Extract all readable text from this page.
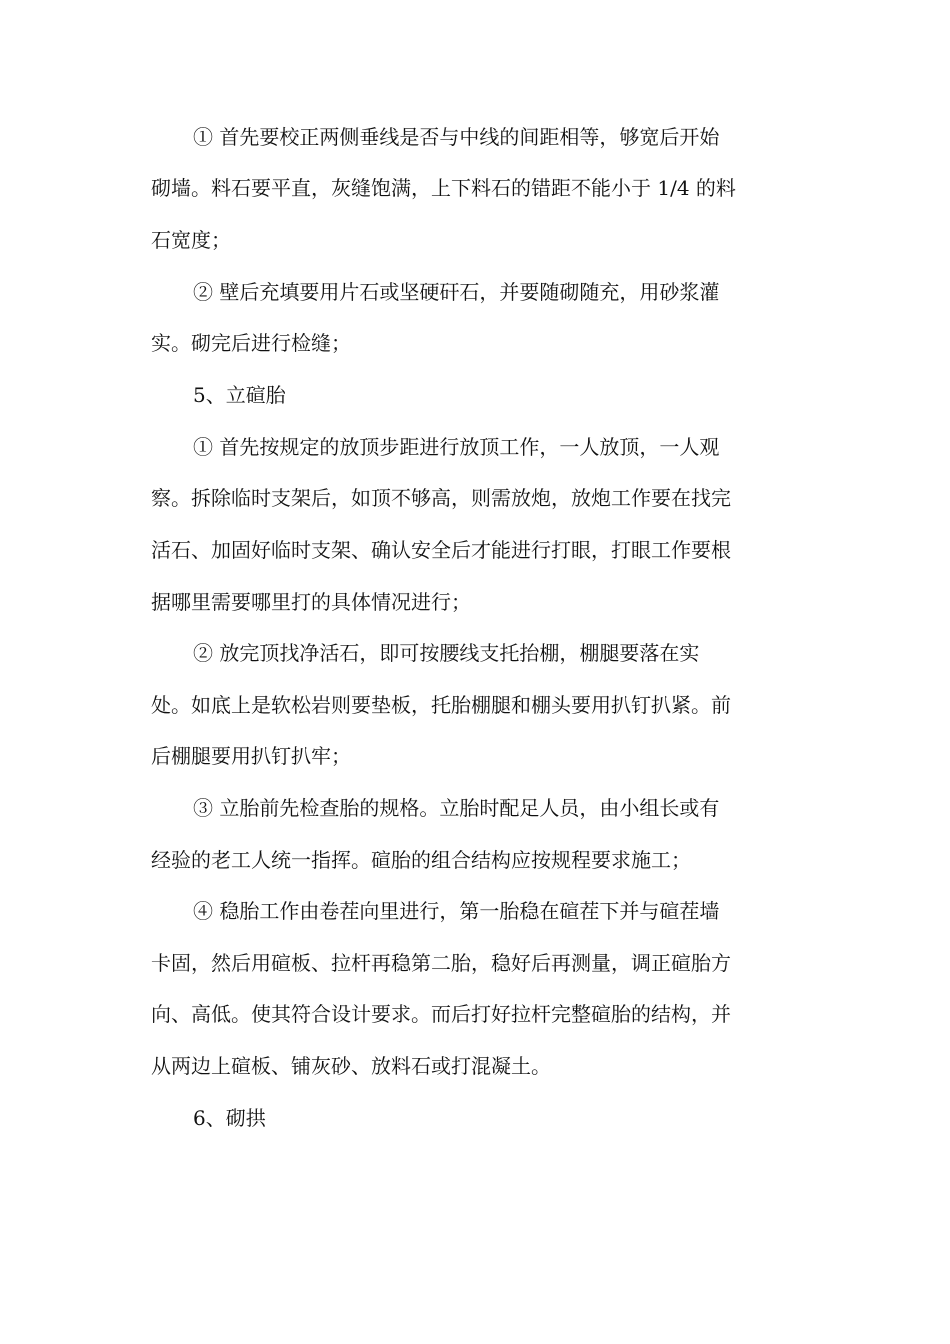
① 首先要校正两侧垂线是否与中线的间距相等，够宽后开始
砌墙。料石要平直，灰缝饱满，上下料石的错距不能小于 1/4 的料
石宽度；
② 壁后充填要用片石或坚硬矸石，并要随砌随充，用砂浆灌
实。砌完后进行检缝；
5、立碹胎
① 首先按规定的放顶步距进行放顶工作，一人放顶，一人观
察。拆除临时支架后，如顶不够高，则需放炮，放炮工作要在找完
活石、加固好临时支架、确认安全后才能进行打眼，打眼工作要根
据哪里需要哪里打的具体情况进行；
② 放完顶找净活石，即可按腰线支托抬棚，棚腿要落在实
处。如底上是软松岩则要垫板，托胎棚腿和棚头要用扒钉扒紧。前
后棚腿要用扒钉扒牢；
③ 立胎前先检查胎的规格。立胎时配足人员，由小组长或有
经验的老工人统一指挥。碹胎的组合结构应按规程要求施工；
④ 稳胎工作由卷茬向里进行，第一胎稳在碹茬下并与碹茬墙
卡固，然后用碹板、拉杆再稳第二胎，稳好后再测量，调正碹胎方
向、高低。使其符合设计要求。而后打好拉杆完整碹胎的结构，并
从两边上碹板、铺灰砂、放料石或打混凝土。
6、砌拱
